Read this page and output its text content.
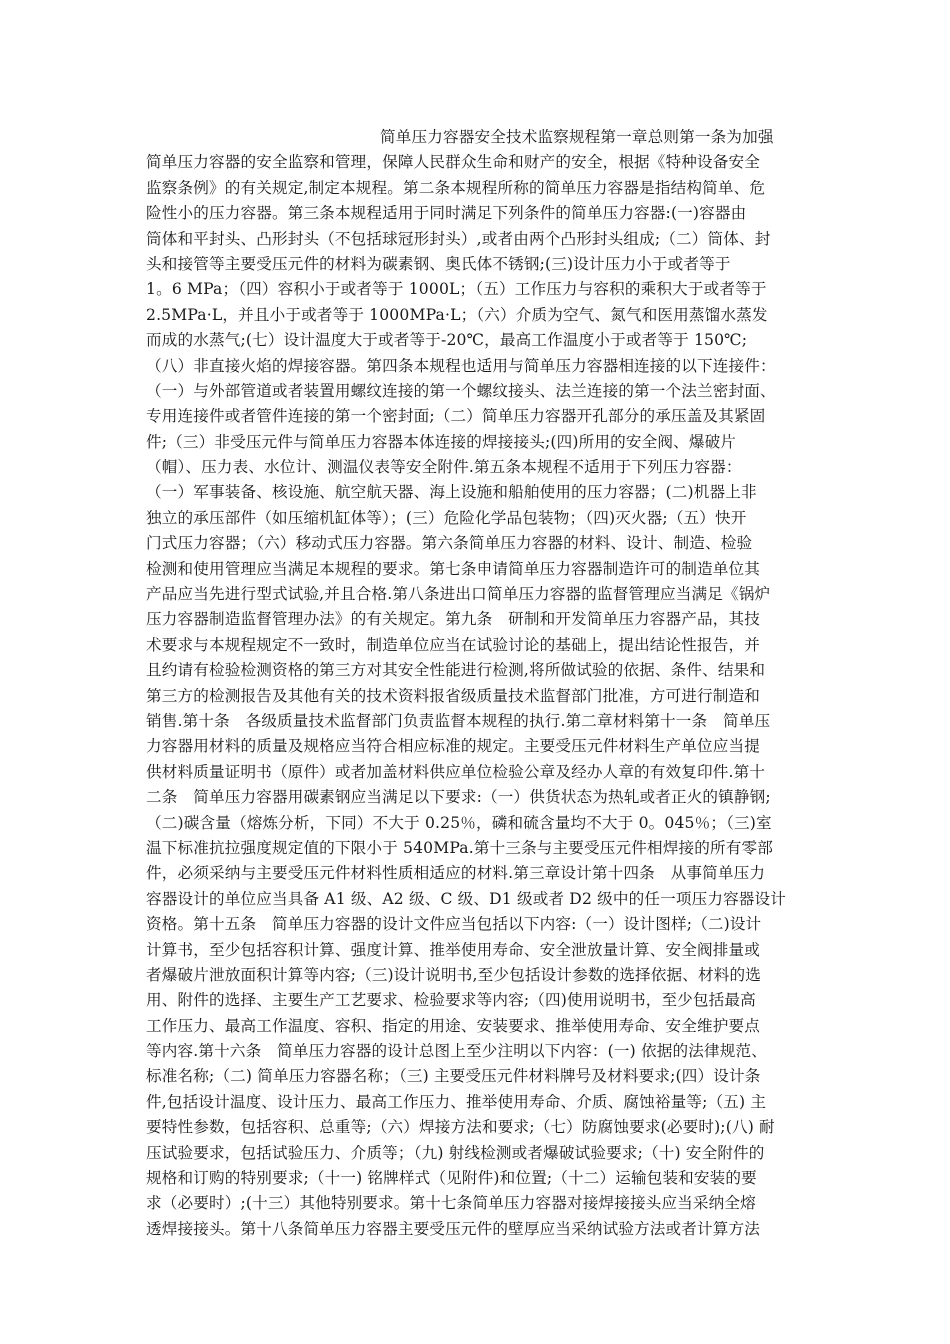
简单压力容器安全技术监察规程第一章总则第一条为加强
简单压力容器的安全监察和管理，保障人民群众生命和财产的安全，根据《特种设备安全
监察条例》的有关规定,制定本规程。第二条本规程所称的简单压力容器是指结构简单、危
险性小的压力容器。第三条本规程适用于同时满足下列条件的简单压力容器:(一)容器由
筒体和平封头、凸形封头（不包括球冠形封头）,或者由两个凸形封头组成;（二）筒体、封
头和接管等主要受压元件的材料为碳素钢、奥氏体不锈钢;(三)设计压力小于或者等于
1。6 MPa；（四）容积小于或者等于 1000L；（五）工作压力与容积的乘积大于或者等于
2.5MPa·L，并且小于或者等于 1000MPa·L；（六）介质为空气、氮气和医用蒸馏水蒸发
而成的水蒸气;(七）设计温度大于或者等于-20℃，最高工作温度小于或者等于 150℃;
（八）非直接火焰的焊接容器。第四条本规程也适用与简单压力容器相连接的以下连接件：
（一）与外部管道或者装置用螺纹连接的第一个螺纹接头、法兰连接的第一个法兰密封面、
专用连接件或者管件连接的第一个密封面;（二）简单压力容器开孔部分的承压盖及其紧固
件;（三）非受压元件与简单压力容器本体连接的焊接接头;(四)所用的安全阀、爆破片
（帽）、压力表、水位计、测温仪表等安全附件.第五条本规程不适用于下列压力容器：
（一）军事装备、核设施、航空航天器、海上设施和船舶使用的压力容器；(二)机器上非
独立的承压部件（如压缩机缸体等）；(三）危险化学品包装物；（四)灭火器;（五）快开
门式压力容器；（六）移动式压力容器。第六条简单压力容器的材料、设计、制造、检验
检测和使用管理应当满足本规程的要求。第七条申请简单压力容器制造许可的制造单位其
产品应当先进行型式试验,并且合格.第八条进出口简单压力容器的监督管理应当满足《锅炉
压力容器制造监督管理办法》的有关规定。第九条　研制和开发简单压力容器产品，其技
术要求与本规程规定不一致时，制造单位应当在试验讨论的基础上，提出结论性报告，并
且约请有检验检测资格的第三方对其安全性能进行检测,将所做试验的依据、条件、结果和
第三方的检测报告及其他有关的技术资料报省级质量技术监督部门批准，方可进行制造和
销售.第十条　各级质量技术监督部门负责监督本规程的执行.第二章材料第十一条　简单压
力容器用材料的质量及规格应当符合相应标准的规定。主要受压元件材料生产单位应当提
供材料质量证明书（原件）或者加盖材料供应单位检验公章及经办人章的有效复印件.第十
二条　简单压力容器用碳素钢应当满足以下要求:（一）供货状态为热轧或者正火的镇静钢;
（二)碳含量（熔炼分析，下同）不大于 0.25％，磷和硫含量均不大于 0。045％；（三)室
温下标准抗拉强度规定值的下限小于 540MPa.第十三条与主要受压元件相焊接的所有零部
件，必须采纳与主要受压元件材料性质相适应的材料.第三章设计第十四条　从事简单压力
容器设计的单位应当具备 A1 级、A2 级、C 级、D1 级或者 D2 级中的任一项压力容器设计
资格。第十五条　简单压力容器的设计文件应当包括以下内容:（一）设计图样;（二)设计
计算书，至少包括容积计算、强度计算、推举使用寿命、安全泄放量计算、安全阀排量或
者爆破片泄放面积计算等内容;（三)设计说明书,至少包括设计参数的选择依据、材料的选
用、附件的选择、主要生产工艺要求、检验要求等内容;（四)使用说明书，至少包括最高
工作压力、最高工作温度、容积、指定的用途、安装要求、推举使用寿命、安全维护要点
等内容.第十六条　简单压力容器的设计总图上至少注明以下内容：(一) 依据的法律规范、
标准名称;（二) 简单压力容器名称；（三) 主要受压元件材料牌号及材料要求;(四）设计条
件,包括设计温度、设计压力、最高工作压力、推举使用寿命、介质、腐蚀裕量等;（五) 主
要特性参数，包括容积、总重等;（六）焊接方法和要求;（七）防腐蚀要求(必要时);(八) 耐
压试验要求，包括试验压力、介质等；（九) 射线检测或者爆破试验要求;（十) 安全附件的
规格和订购的特别要求;（十一) 铭牌样式（见附件)和位置;（十二）运输包装和安装的要
求（必要时）;(十三）其他特别要求。第十七条简单压力容器对接焊接接头应当采纳全熔
透焊接接头。第十八条简单压力容器主要受压元件的壁厚应当采纳试验方法或者计算方法
